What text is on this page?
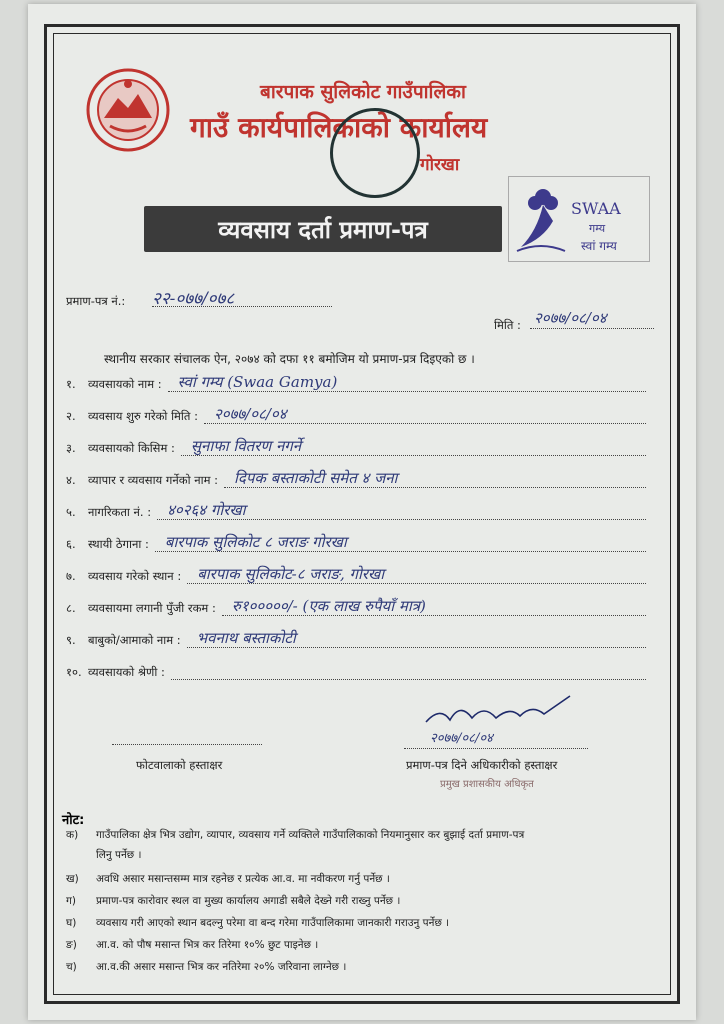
बारपाक सुलिकोट गाउँपालिका
गाउँ कार्यपालिकाको कार्यालय
गोरखा
व्यवसाय दर्ता प्रमाण-पत्र
SWAA
गम्य
स्वां गम्य
प्रमाण-पत्र नं.: २२-०७७/०७८
मिति : २०७७/०८/०४
स्थानीय सरकार संचालक ऐन, २०७४ को दफा ११ बमोजिम यो प्रमाण-प्रत्र दिइएको छ ।
१.	व्यवसायको नाम : स्वां गम्य (Swaa Gamya)
२.	व्यवसाय शुरु गरेको मिति : २०७७/०८/०४
३.	व्यवसायको किसिम : सुनाफा वितरण नगर्ने
४.	व्यापार र व्यवसाय गर्नेको नाम : दिपक बस्ताकोटी समेत ४ जना
५.	नागरिकता नं. : ४०२६४ गोरखा
६.	स्थायी ठेगाना : बारपाक सुलिकोट ८ जराङ गोरखा
७.	व्यवसाय गरेको स्थान : बारपाक सुलिकोट-८ जराङ, गोरखा
८.	व्यवसायमा लगानी पुँजी रकम : रु१०००००/- (एक लाख रुपैयाँ मात्र)
९.	बाबुको/आमाको नाम : भवनाथ बस्ताकोटी
१०. व्यवसायको श्रेणी :
फोटवालाको हस्ताक्षर
२०७७/०८/०४
प्रमाण-पत्र दिने अधिकारीको हस्ताक्षर
प्रमुख प्रशासकीय अधिकृत
नोट:
क) गाउँपालिका क्षेत्र भित्र उद्योग, व्यापार, व्यवसाय गर्ने व्यक्तिले गाउँपालिकाको नियमानुसार कर बुझाई दर्ता प्रमाण-पत्र
लिनु पर्नेछ ।
ख) अवधि असार मसान्तसम्म मात्र रहनेछ र प्रत्येक आ.व. मा नवीकरण गर्नु पर्नेछ ।
ग) प्रमाण-पत्र कारोवार स्थल वा मुख्य कार्यालय अगाडी सबैले देख्ने गरी राख्नु पर्नेछ ।
घ) व्यवसाय गरी आएको स्थान बदल्नु परेमा वा बन्द गरेमा गाउँपालिकामा जानकारी गराउनु पर्नेछ ।
ङ) आ.व. को पौष मसान्त भित्र कर तिरेमा १०% छुट पाइनेछ ।
च) आ.व.की असार मसान्त भित्र कर नतिरेमा २०% जरिवाना लाग्नेछ ।
